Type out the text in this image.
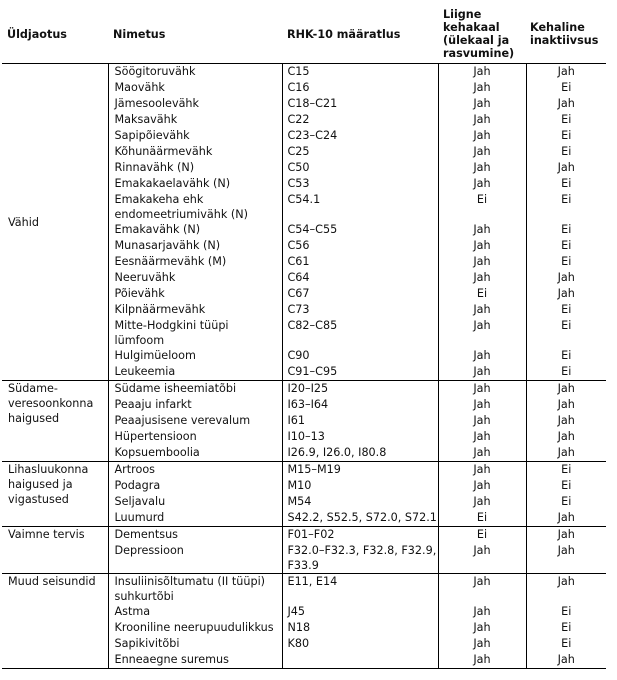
Üldjaotus	Nimetus	RHK-10 määratlus	Liigne
kehakaal
(ülekaal ja
rasvumine)	Kehaline
inaktiivsus
Vähid	Söögitoruvähk	C15	Jah	Jah
	Maovähk	C16	Jah	Ei
	Jämesoolevähk	C18–C21	Jah	Jah
	Maksavähk	C22	Jah	Ei
	Sapipõievähk	C23–C24	Jah	Ei
	Kõhunäärmevähk	C25	Jah	Ei
	Rinnavähk (N)	C50	Jah	Jah
	Emakakaelavähk (N)	C53	Jah	Ei
	Emakakeha ehk endomeetriumivähk (N)	C54.1	Ei	Ei
	Emakavähk (N)	C54–C55	Jah	Ei
	Munasarjavähk (N)	C56	Jah	Ei
	Eesnäärmevähk (M)	C61	Jah	Ei
	Neeruvähk	C64	Jah	Jah
	Põievähk	C67	Ei	Jah
	Kilpnäärmevähk	C73	Jah	Ei
	Mitte-Hodgkini tüüpi lümfoom	C82–C85	Jah	Ei
	Hulgimüeloom	C90	Jah	Ei
	Leukeemia	C91–C95	Jah	Ei
Südame-veresoonkonna haigused	Südame isheemiatõbi	I20–I25	Jah	Jah
	Peaaju infarkt	I63–I64	Jah	Jah
	Peaajusisene verevalum	I61	Jah	Jah
	Hüpertensioon	I10–13	Jah	Jah
	Kopsuemboolia	I26.9, I26.0, I80.8	Jah	Jah
Lihasluukonna haigused ja vigastused	Artroos	M15–M19	Jah	Ei
	Podagra	M10	Jah	Ei
	Seljavalu	M54	Jah	Ei
	Luumurd	S42.2, S52.5, S72.0, S72.1	Ei	Jah
Vaimne tervis	Dementsus	F01–F02	Ei	Jah
	Depressioon	F32.0–F32.3, F32.8, F32.9, F33.9	Jah	Jah
Muud seisundid	Insuliinisõltumatu (II tüüpi) suhkurtõbi	E11, E14	Jah	Jah
	Astma	J45	Jah	Ei
	Krooniline neerupuudulikkus	N18	Jah	Ei
	Sapikivitõbi	K80	Jah	Ei
	Enneaegne suremus		Jah	Jah
